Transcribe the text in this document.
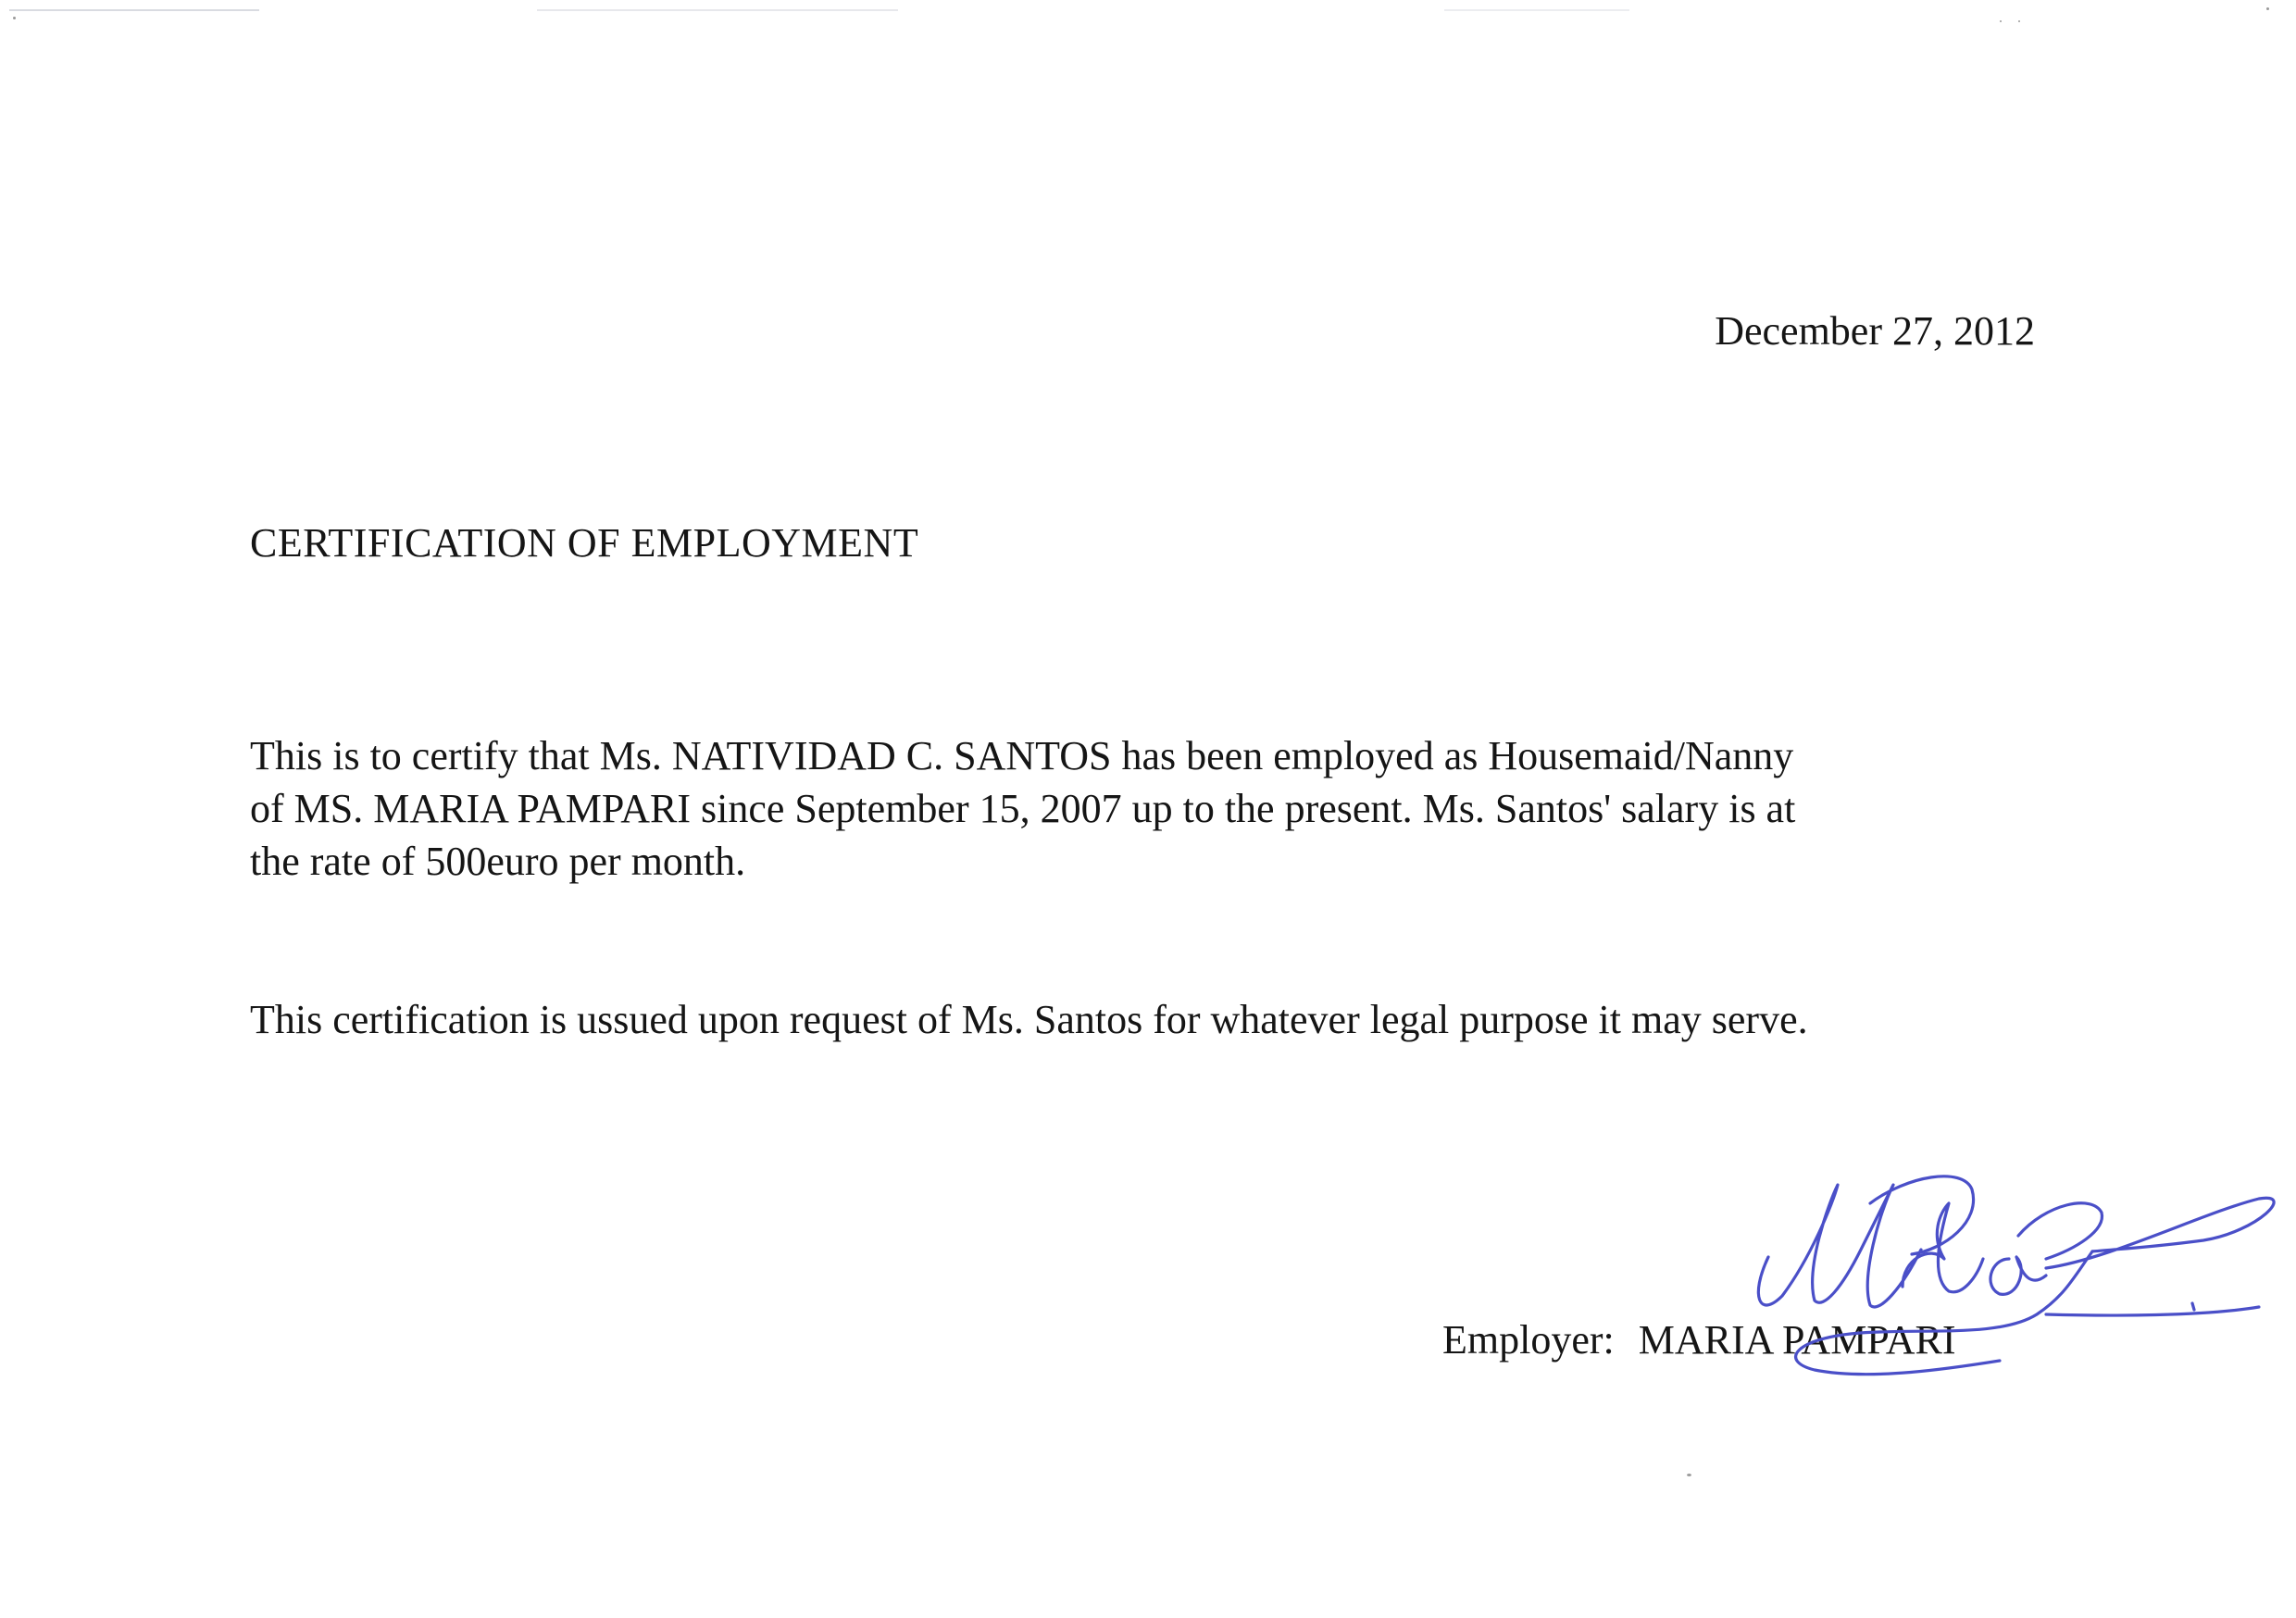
December 27, 2012
CERTIFICATION OF EMPLOYMENT
This is to certify that Ms. NATIVIDAD C. SANTOS has been employed as Housemaid/Nanny
of MS. MARIA PAMPARI since September 15, 2007 up to the present. Ms. Santos' salary is at
the rate of 500euro per month.
This certification is ussued upon request of Ms. Santos for whatever legal purpose it may serve.
Employer: MARIA PAMPARI
